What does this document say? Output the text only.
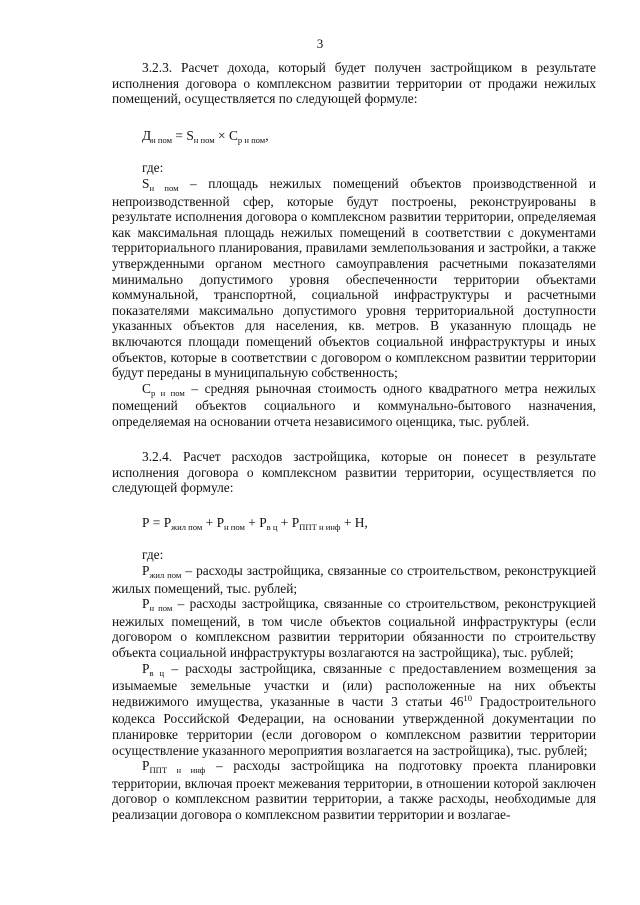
3

3.2.3. Расчет дохода, который будет получен застройщиком в результате исполнения договора о комплексном развитии территории от продажи нежилых помещений, осуществляется по следующей формуле:

$Д_{н пом} = S_{н пом} \times С_{р н пом}$,
где:

$S_{н пом}$ – площадь нежилых помещений объектов производственной и непроизводственной сфер, которые будут построены, реконструированы в результате исполнения договора о комплексном развитии территории, определяемая как максимальная площадь нежилых помещений в соответствии с документами территориального планирования, правилами землепользования и застройки, а также утвержденными органом местного самоуправления расчетными показателями минимально допустимого уровня обеспеченности территории объектами коммунальной, транспортной, социальной инфраструктуры и расчетными показателями максимально допустимого уровня территориальной доступности указанных объектов для населения, кв. метров. В указанную площадь не включаются площади помещений объектов социальной инфраструктуры и иных объектов, которые в соответствии с договором о комплексном развитии территории будут переданы в муниципальную собственность;

$С_{р н пом}$ – средняя рыночная стоимость одного квадратного метра нежилых помещений объектов социального и коммунально-бытового назначения, определяемая на основании отчета независимого оценщика, тыс. рублей.

3.2.4. Расчет расходов застройщика, которые он понесет в результате исполнения договора о комплексном развитии территории, осуществляется по следующей формуле:

$Р = Р_{жил пом} + Р_{н пом} + Р_{в ц} + Р_{ППТ н инф} + Н$,
где:

$Р_{жил пом}$ – расходы застройщика, связанные со строительством, реконструкцией жилых помещений, тыс. рублей;

$Р_{н пом}$ – расходы застройщика, связанные со строительством, реконструкцией нежилых помещений, в том числе объектов социальной инфраструктуры (если договором о комплексном развитии территории обязанности по строительству объекта социальной инфраструктуры возлагаются на застройщика), тыс. рублей;

$Р_{в ц}$ – расходы застройщика, связанные с предоставлением возмещения за изымаемые земельные участки и (или) расположенные на них объекты недвижимого имущества, указанные в части 3 статьи $46^{10}$ Градостроительного кодекса Российской Федерации, на основании утвержденной документации по планировке территории (если договором о комплексном развитии территории осуществление указанного мероприятия возлагается на застройщика), тыс. рублей;

$Р_{ППТ н инф}$ – расходы застройщика на подготовку проекта планировки территории, включая проект межевания территории, в отношении которой заключен договор о комплексном развитии территории, а также расходы, необходимые для реализации договора о комплексном развитии территории и возлагае-
